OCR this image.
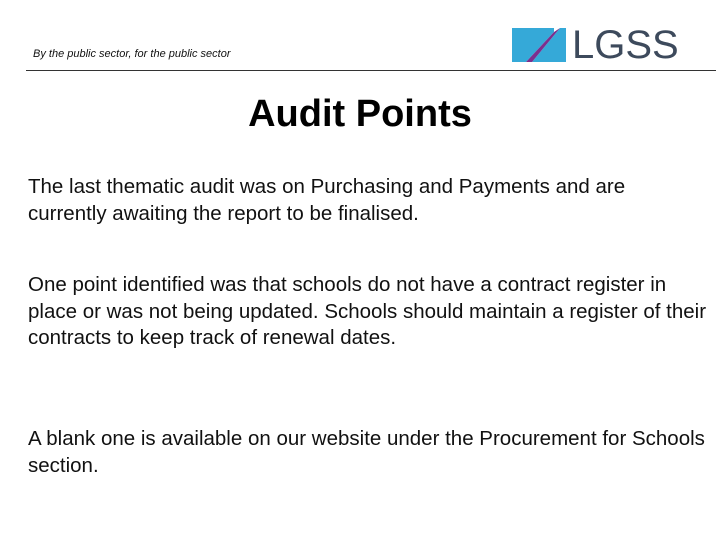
By the public sector, for the public sector	LGSS
Audit Points

The last thematic audit was on Purchasing and Payments and are currently awaiting the report to be finalised.

One point identified was that schools do not have a contract register in place or was not being updated. Schools should maintain a register of their contracts to keep track of renewal dates.

A blank one is available on our website under the Procurement for Schools section.
